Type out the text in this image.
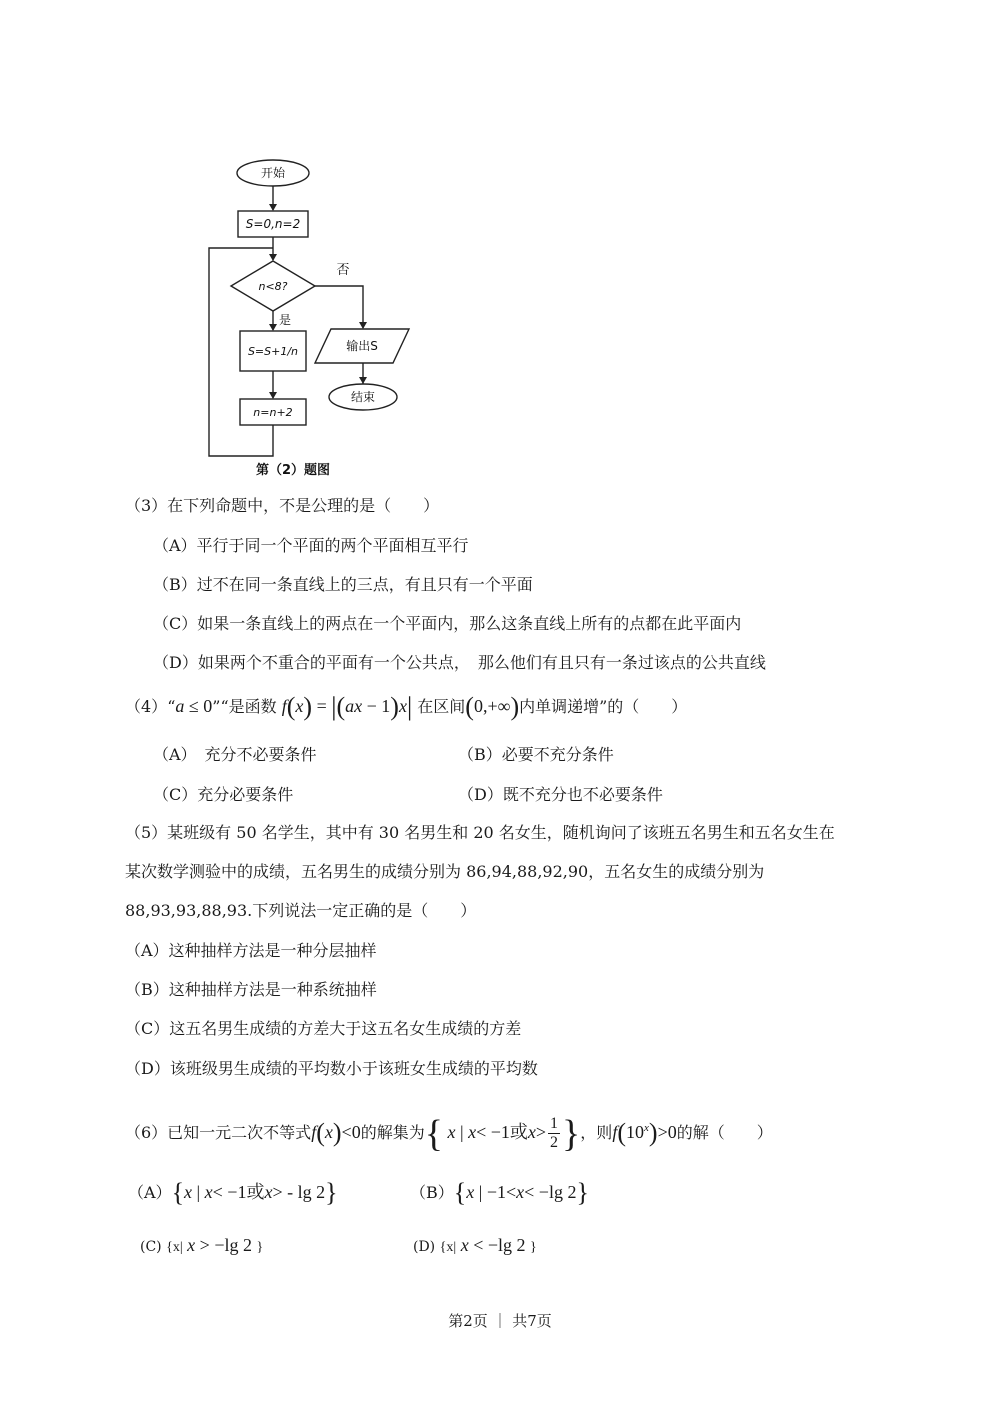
开始
S=0,n=2
n<8?
否
是
S=S+1/n	输出S
n=n+2
结束
第（2）题图
（3）在下列命题中，不是公理的是（　　）
（A）平行于同一个平面的两个平面相互平行
（B）过不在同一条直线上的三点，有且只有一个平面
（C）如果一条直线上的两点在一个平面内，那么这条直线上所有的点都在此平面内
（D）如果两个不重合的平面有一个公共点，　那么他们有且只有一条过该点的公共直线
（4）“a ≤ 0”“是函数 f(x) = |(ax − 1)x| 在区间(0,+∞)内单调递增”的（　　）
（A）　充分不必要条件	（B）必要不充分条件
（C）充分必要条件	（D）既不充分也不必要条件
（5）某班级有 50 名学生，其中有 30 名男生和 20 名女生，随机询问了该班五名男生和五名女生在
某次数学测验中的成绩，五名男生的成绩分别为 86,94,88,92,90，五名女生的成绩分别为
88,93,93,88,93.下列说法一定正确的是（　　）
（A）这种抽样方法是一种分层抽样
（B）这种抽样方法是一种系统抽样
（C）这五名男生成绩的方差大于这五名女生成绩的方差
（D）该班级男生成绩的平均数小于该班女生成绩的平均数
（6）已知一元二次不等式f(x)<0的解集为{ x | x< −1或$x> \frac{1}{2}$ }，则$f(10^x)>0$的解（　　）
（A）{x | x< −1或x> - lg 2}	（B）{x | −1<x< −lg 2}
(C) {x| x > −lg 2 }	(D) {x| x < −lg 2 }
第2页 ｜ 共7页
